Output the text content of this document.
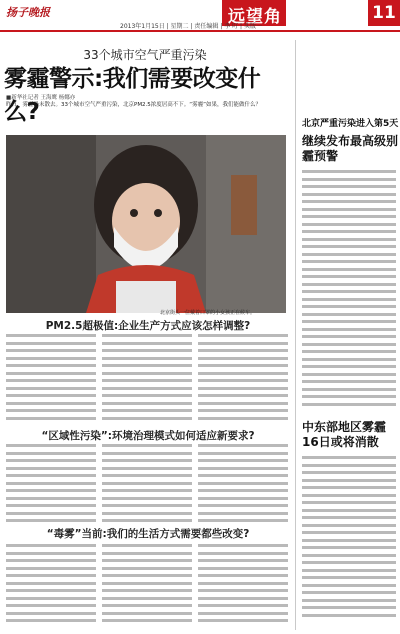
扬子晚报	远望角	11
2013年1月15日 | 星期二 | 责任编辑 | 李 叮 | 头版一
33个城市空气严重污染
雾霾警示:我们需要改变什么?
■新华社记者 王海鹰 杨娜亦
昨日，雾霾仍未散去。33个城市空气严重污染，北京PM2.5浓度居高不下。“雾霾”如果，我们能做什么？
北京街头一位戴着口罩的小女孩正在候车。
PM2.5超极值:企业生产方式应该怎样调整?
“区域性污染”:环境治理模式如何适应新要求?
“毒雾”当前:我们的生活方式需要都些改变?
北京严重污染进入第5天
继续发布最高级别霾预警
中东部地区雾霾16日或将消散
